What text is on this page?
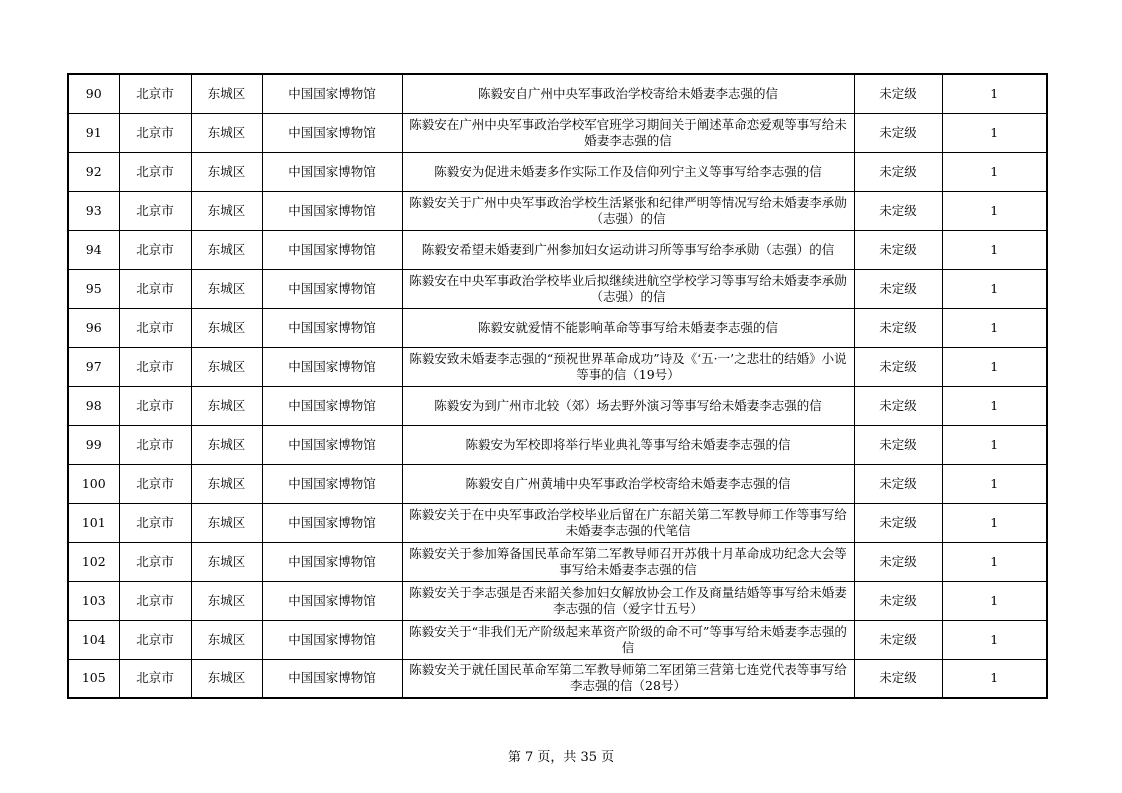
90	北京市	东城区	中国国家博物馆	陈毅安自广州中央军事政治学校寄给未婚妻李志强的信	未定级	1
91	北京市	东城区	中国国家博物馆	陈毅安在广州中央军事政治学校军官班学习期间关于阐述革命恋爱观等事写给未婚妻李志强的信	未定级	1
92	北京市	东城区	中国国家博物馆	陈毅安为促进未婚妻多作实际工作及信仰列宁主义等事写给李志强的信	未定级	1
93	北京市	东城区	中国国家博物馆	陈毅安关于广州中央军事政治学校生活紧张和纪律严明等情况写给未婚妻李承勋（志强）的信	未定级	1
94	北京市	东城区	中国国家博物馆	陈毅安希望未婚妻到广州参加妇女运动讲习所等事写给李承勋（志强）的信	未定级	1
95	北京市	东城区	中国国家博物馆	陈毅安在中央军事政治学校毕业后拟继续进航空学校学习等事写给未婚妻李承勋（志强）的信	未定级	1
96	北京市	东城区	中国国家博物馆	陈毅安就爱情不能影响革命等事写给未婚妻李志强的信	未定级	1
97	北京市	东城区	中国国家博物馆	陈毅安致未婚妻李志强的“预祝世界革命成功”诗及《‘五·一’之悲壮的结婚》小说等事的信（19号）	未定级	1
98	北京市	东城区	中国国家博物馆	陈毅安为到广州市北较（郊）场去野外演习等事写给未婚妻李志强的信	未定级	1
99	北京市	东城区	中国国家博物馆	陈毅安为军校即将举行毕业典礼等事写给未婚妻李志强的信	未定级	1
100	北京市	东城区	中国国家博物馆	陈毅安自广州黄埔中央军事政治学校寄给未婚妻李志强的信	未定级	1
101	北京市	东城区	中国国家博物馆	陈毅安关于在中央军事政治学校毕业后留在广东韶关第二军教导师工作等事写给未婚妻李志强的代笔信	未定级	1
102	北京市	东城区	中国国家博物馆	陈毅安关于参加筹备国民革命军第二军教导师召开苏俄十月革命成功纪念大会等事写给未婚妻李志强的信	未定级	1
103	北京市	东城区	中国国家博物馆	陈毅安关于李志强是否来韶关参加妇女解放协会工作及商量结婚等事写给未婚妻李志强的信（爱字廿五号）	未定级	1
104	北京市	东城区	中国国家博物馆	陈毅安关于“非我们无产阶级起来革资产阶级的命不可”等事写给未婚妻李志强的信	未定级	1
105	北京市	东城区	中国国家博物馆	陈毅安关于就任国民革命军第二军教导师第二军团第三营第七连党代表等事写给李志强的信（28号）	未定级	1
第 7 页，共 35 页
